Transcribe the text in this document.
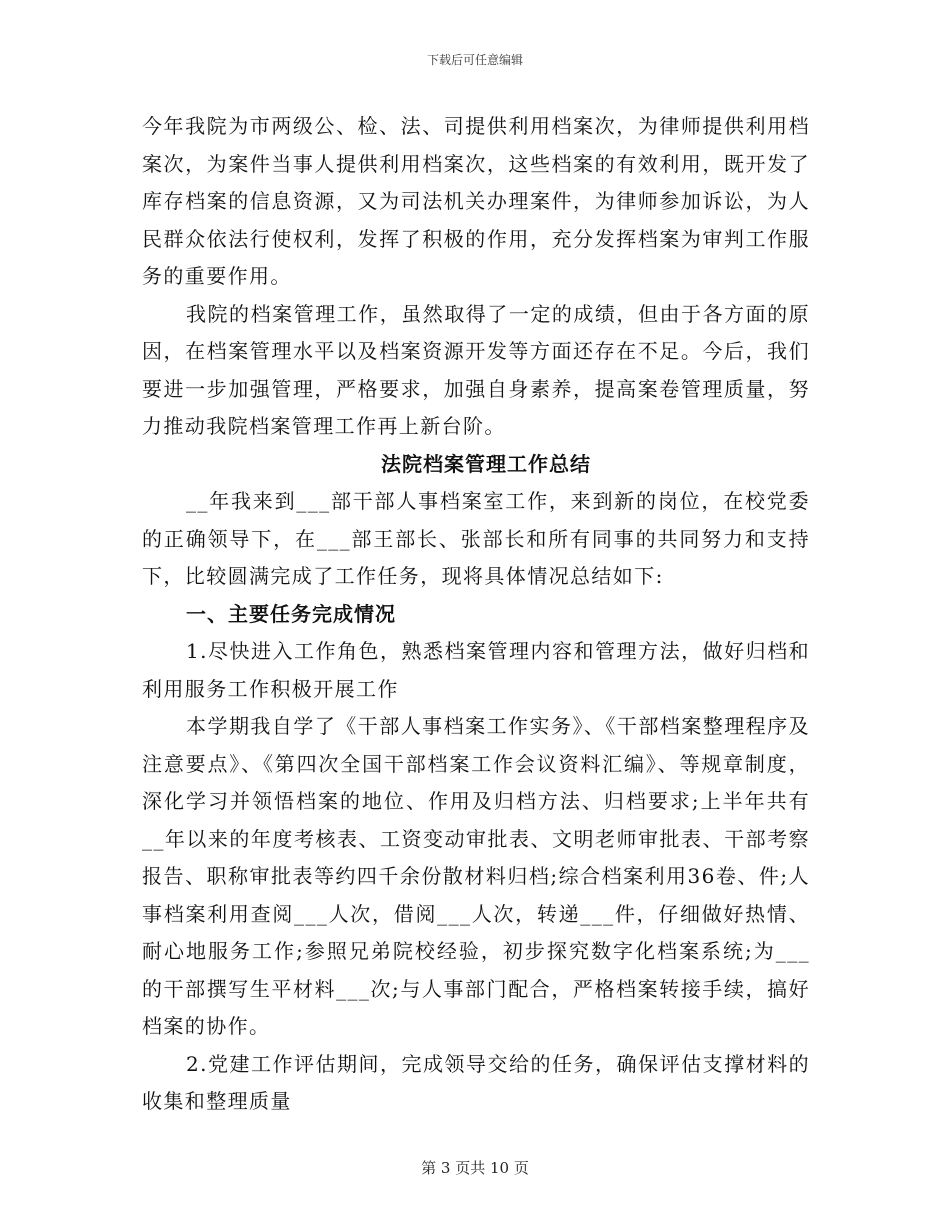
下载后可任意编辑

今年我院为市两级公、检、法、司提供利用档案次，为律师提供利用档案次，为案件当事人提供利用档案次，这些档案的有效利用，既开发了库存档案的信息资源，又为司法机关办理案件，为律师参加诉讼，为人民群众依法行使权利，发挥了积极的作用，充分发挥档案为审判工作服务的重要作用。

我院的档案管理工作，虽然取得了一定的成绩，但由于各方面的原因，在档案管理水平以及档案资源开发等方面还存在不足。今后，我们要进一步加强管理，严格要求，加强自身素养，提高案卷管理质量，努力推动我院档案管理工作再上新台阶。

法院档案管理工作总结

__年我来到___部干部人事档案室工作，来到新的岗位，在校党委的正确领导下，在___部王部长、张部长和所有同事的共同努力和支持下，比较圆满完成了工作任务，现将具体情况总结如下:

一、主要任务完成情况

1.尽快进入工作角色，熟悉档案管理内容和管理方法，做好归档和利用服务工作积极开展工作

本学期我自学了《干部人事档案工作实务》、《干部档案整理程序及注意要点》、《第四次全国干部档案工作会议资料汇编》、等规章制度，深化学习并领悟档案的地位、作用及归档方法、归档要求;上半年共有__年以来的年度考核表、工资变动审批表、文明老师审批表、干部考察报告、职称审批表等约四千余份散材料归档;综合档案利用36卷、件;人事档案利用查阅___人次，借阅___人次，转递___件，仔细做好热情、耐心地服务工作;参照兄弟院校经验，初步探究数字化档案系统;为___的干部撰写生平材料___次;与人事部门配合，严格档案转接手续，搞好档案的协作。

2.党建工作评估期间，完成领导交给的任务，确保评估支撑材料的收集和整理质量

第 3 页共 10 页
